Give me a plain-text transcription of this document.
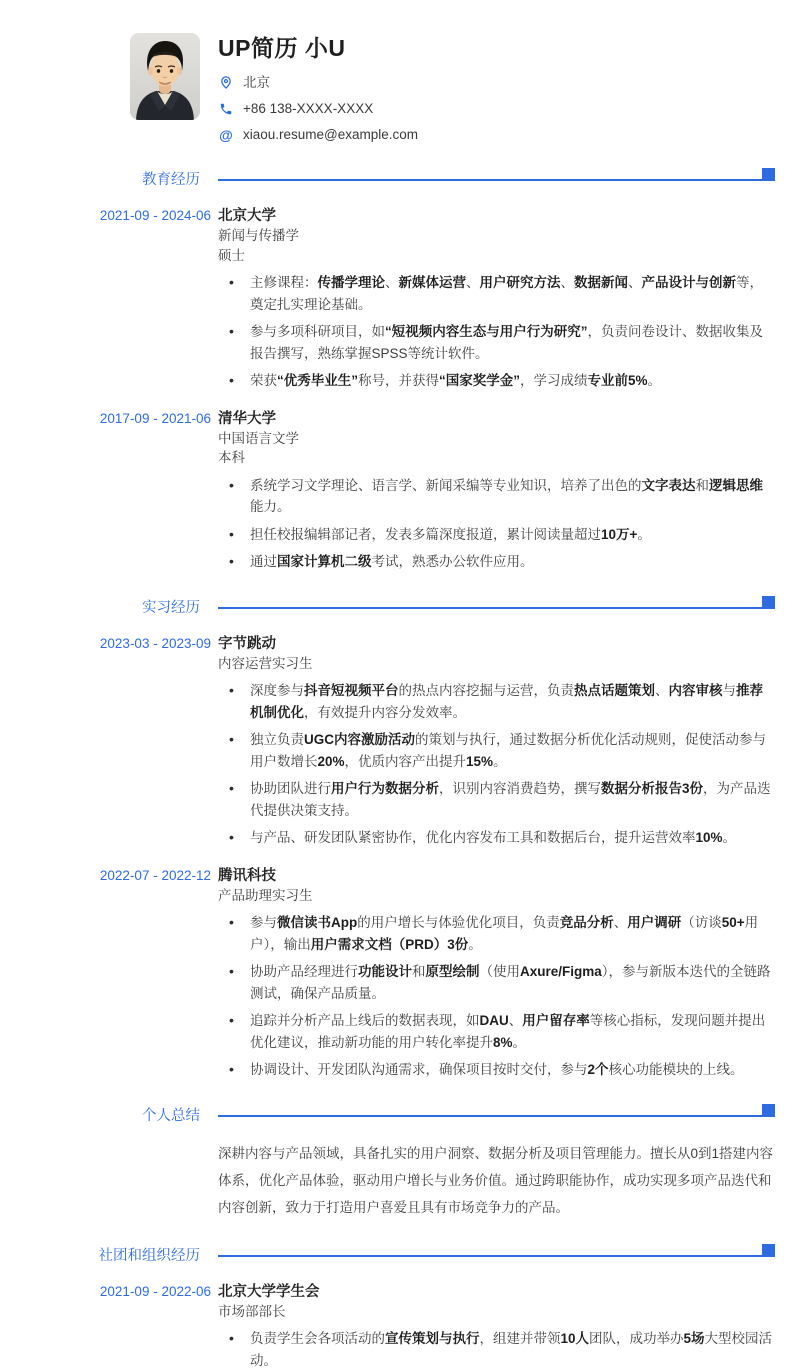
UP简历 小U
北京
+86 138-XXXX-XXXX
@ xiaou.resume@example.com
教育经历
2021-09 - 2024-06 北京大学
新闻与传播学
硕士
• 主修课程：传播学理论、新媒体运营、用户研究方法、数据新闻、产品设计与创新等，奠定扎实理论基础。
• 参与多项科研项目，如“短视频内容生态与用户行为研究”，负责问卷设计、数据收集及报告撰写，熟练掌握SPSS等统计软件。
• 荣获“优秀毕业生”称号，并获得“国家奖学金”，学习成绩专业前5%。
2017-09 - 2021-06 清华大学
中国语言文学
本科
• 系统学习文学理论、语言学、新闻采编等专业知识，培养了出色的文字表达和逻辑思维能力。
• 担任校报编辑部记者，发表多篇深度报道，累计阅读量超过10万+。
• 通过国家计算机二级考试，熟悉办公软件应用。
实习经历
2023-03 - 2023-09 字节跳动
内容运营实习生
• 深度参与抖音短视频平台的热点内容挖掘与运营，负责热点话题策划、内容审核与推荐机制优化，有效提升内容分发效率。
• 独立负责UGC内容激励活动的策划与执行，通过数据分析优化活动规则，促使活动参与用户数增长20%，优质内容产出提升15%。
• 协助团队进行用户行为数据分析，识别内容消费趋势，撰写数据分析报告3份，为产品迭代提供决策支持。
• 与产品、研发团队紧密协作，优化内容发布工具和数据后台，提升运营效率10%。
2022-07 - 2022-12 腾讯科技
产品助理实习生
• 参与微信读书App的用户增长与体验优化项目，负责竞品分析、用户调研（访谈50+用户），输出用户需求文档（PRD）3份。
• 协助产品经理进行功能设计和原型绘制（使用Axure/Figma），参与新版本迭代的全链路测试，确保产品质量。
• 追踪并分析产品上线后的数据表现，如DAU、用户留存率等核心指标，发现问题并提出优化建议，推动新功能的用户转化率提升8%。
• 协调设计、开发团队沟通需求，确保项目按时交付，参与2个核心功能模块的上线。
个人总结
深耕内容与产品领域，具备扎实的用户洞察、数据分析及项目管理能力。擅长从0到1搭建内容体系，优化产品体验，驱动用户增长与业务价值。通过跨职能协作，成功实现多项产品迭代和内容创新，致力于打造用户喜爱且具有市场竞争力的产品。
社团和组织经历
2021-09 - 2022-06 北京大学学生会
市场部部长
• 负责学生会各项活动的宣传策划与执行，组建并带领10人团队，成功举办5场大型校园活动。
